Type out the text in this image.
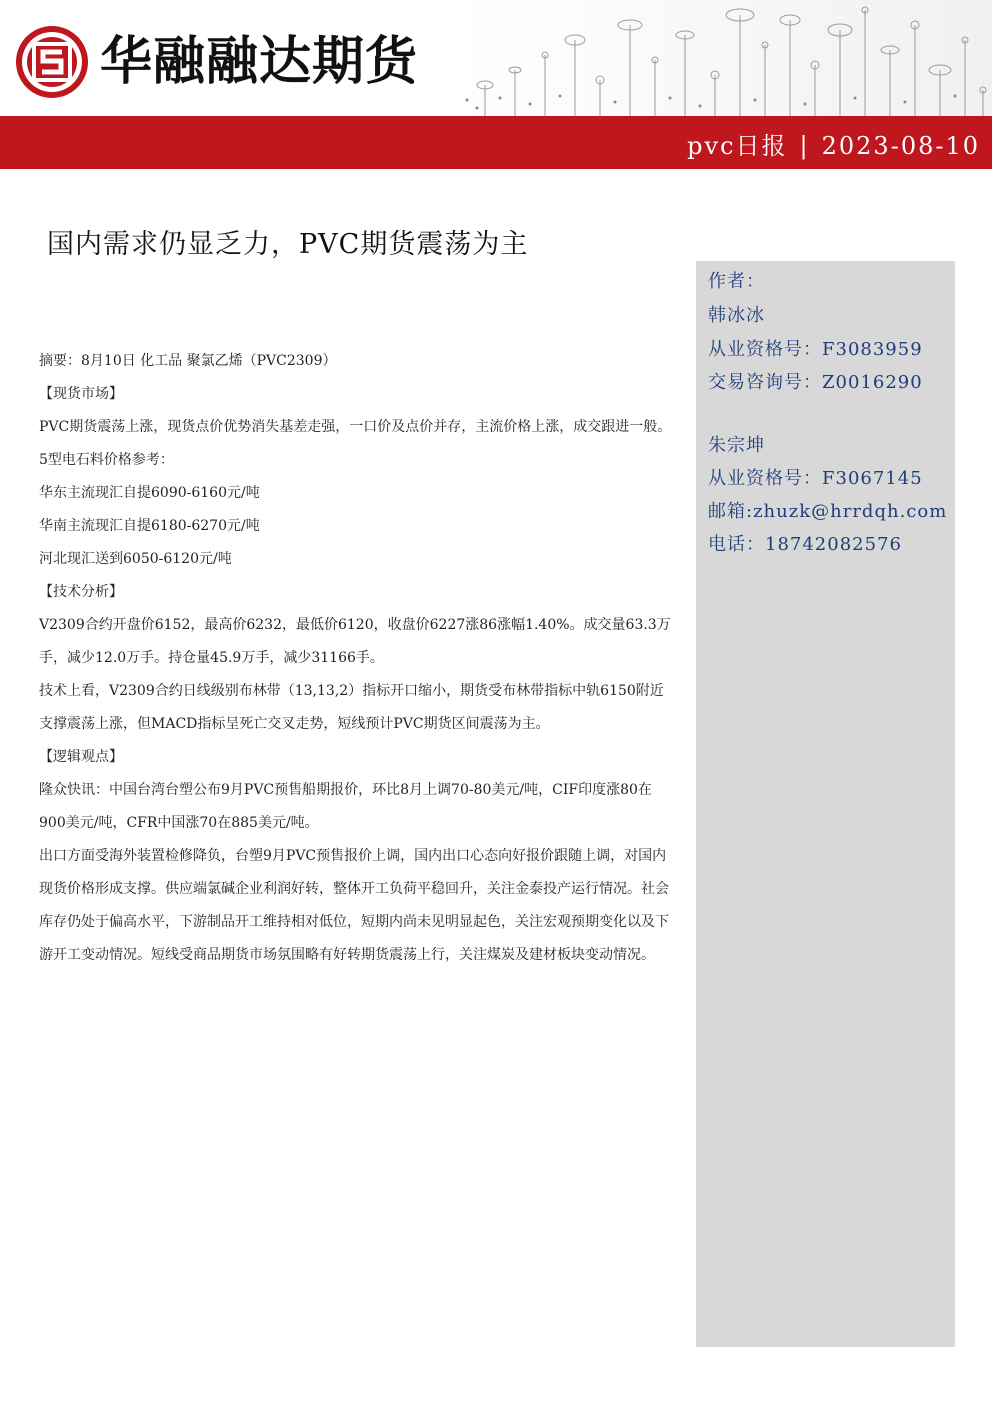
华融融达期货
pvc日报 | 2023-08-10
国内需求仍显乏力，PVC期货震荡为主
作者：
韩冰冰
从业资格号：F3083959
交易咨询号：Z0016290
朱宗坤
从业资格号：F3067145
邮箱:zhuzk@hrrdqh.com
电话：18742082576

摘要：8月10日 化工品 聚氯乙烯（PVC2309）

【现货市场】

PVC期货震荡上涨，现货点价优势消失基差走强，一口价及点价并存，主流价格上涨，成交跟进一般。5型电石料价格参考：

华东主流现汇自提6090-6160元/吨

华南主流现汇自提6180-6270元/吨

河北现汇送到6050-6120元/吨

【技术分析】

V2309合约开盘价6152，最高价6232，最低价6120，收盘价6227涨86涨幅1.40%。成交量63.3万手，减少12.0万手。持仓量45.9万手，减少31166手。

技术上看，V2309合约日线级别布林带（13,13,2）指标开口缩小，期货受布林带指标中轨6150附近支撑震荡上涨，但MACD指标呈死亡交叉走势，短线预计PVC期货区间震荡为主。

【逻辑观点】

隆众快讯：中国台湾台塑公布9月PVC预售船期报价，环比8月上调70-80美元/吨，CIF印度涨80在900美元/吨，CFR中国涨70在885美元/吨。

出口方面受海外装置检修降负，台塑9月PVC预售报价上调，国内出口心态向好报价跟随上调，对国内现货价格形成支撑。供应端氯碱企业利润好转，整体开工负荷平稳回升，关注金泰投产运行情况。社会库存仍处于偏高水平，下游制品开工维持相对低位，短期内尚未见明显起色，关注宏观预期变化以及下游开工变动情况。短线受商品期货市场氛围略有好转期货震荡上行，关注煤炭及建材板块变动情况。
